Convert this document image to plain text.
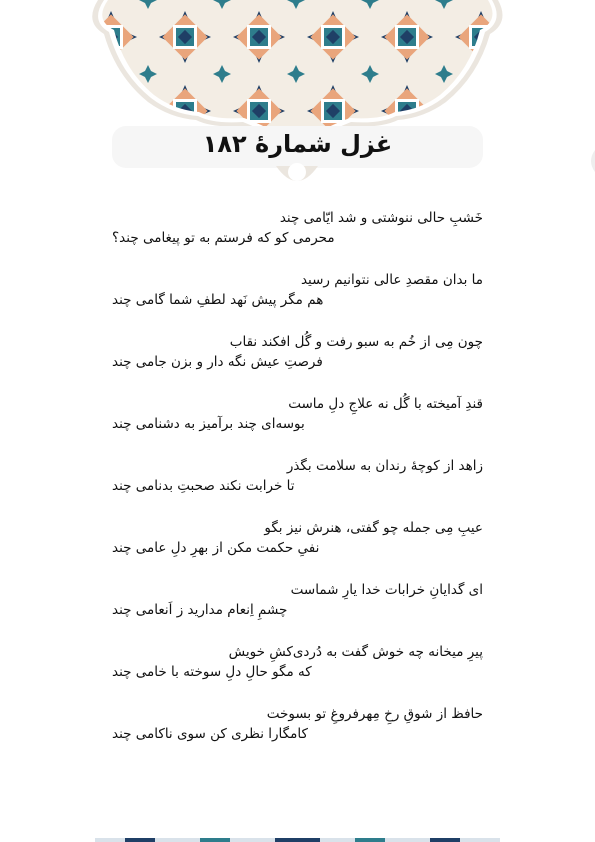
غزل شمارهٔ ۱۸۲
خَشبِ حالی ننوشتی و شد ایّامی چند
محرمی کو که فرستم به تو پیغامی چند؟
ما بدان مقصدِ عالی نتوانیم رسید
هم مگر پیش نَهد لطفِ شما گامی چند
چون مِی از خُم به سبو رفت و گُل افکند نقاب
فرصتِ عیش نگه دار و بزن جامی چند
قندِ آمیخته با گُل نه علاجِ دلِ ماست
بوسه‌ای چند برآمیز به دشنامی چند
زاهد از کوچهٔ رندان به سلامت بگذر
تا خرابت نکند صحبتِ بدنامی چند
عیبِ مِی جمله چو گفتی، هنرش نیز بگو
نفیِ حکمت مکن از بهرِ دلِ عامی چند
ای گدایانِ خرابات خدا یارِ شماست
چشمِ اِنعام مدارید ز اَنعامی چند
پیرِ میخانه چه خوش گفت به دُردی‌کشِ خویش
که مگو حالِ دلِ سوخته با خامی چند
حافظ از شوقِ رخِ مِهرفروغِ تو بسوخت
کامگارا نظری کن سوی ناکامی چند
